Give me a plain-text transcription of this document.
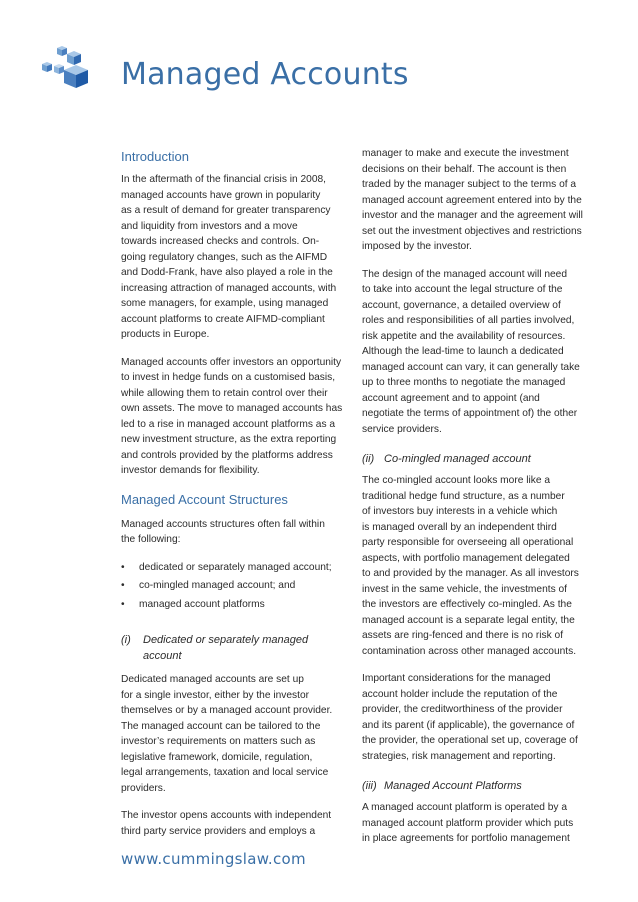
Managed Accounts
Introduction
In the aftermath of the financial crisis in 2008,
managed accounts have grown in popularity
as a result of demand for greater transparency
and liquidity from investors and a move
towards increased checks and controls. On-
going regulatory changes, such as the AIFMD
and Dodd-Frank, have also played a role in the
increasing attraction of managed accounts, with
some managers, for example, using managed
account platforms to create AIFMD-compliant
products in Europe.
Managed accounts offer investors an opportunity
to invest in hedge funds on a customised basis,
while allowing them to retain control over their
own assets. The move to managed accounts has
led to a rise in managed account platforms as a
new investment structure, as the extra reporting
and controls provided by the platforms address
investor demands for flexibility.
Managed Account Structures
Managed accounts structures often fall within
the following:
•	dedicated or separately managed account;
•	co-mingled managed account; and
•	managed account platforms
(i) Dedicated or separately managed
account
Dedicated managed accounts are set up
for a single investor, either by the investor
themselves or by a managed account provider.
The managed account can be tailored to the
investor’s requirements on matters such as
legislative framework, domicile, regulation,
legal arrangements, taxation and local service
providers.
The investor opens accounts with independent
third party service providers and employs a
manager to make and execute the investment
decisions on their behalf. The account is then
traded by the manager subject to the terms of a
managed account agreement entered into by the
investor and the manager and the agreement will
set out the investment objectives and restrictions
imposed by the investor.
The design of the managed account will need
to take into account the legal structure of the
account, governance, a detailed overview of
roles and responsibilities of all parties involved,
risk appetite and the availability of resources.
Although the lead-time to launch a dedicated
managed account can vary, it can generally take
up to three months to negotiate the managed
account agreement and to appoint (and
negotiate the terms of appointment of) the other
service providers.
(ii) Co-mingled managed account
The co-mingled account looks more like a
traditional hedge fund structure, as a number
of investors buy interests in a vehicle which
is managed overall by an independent third
party responsible for overseeing all operational
aspects, with portfolio management delegated
to and provided by the manager. As all investors
invest in the same vehicle, the investments of
the investors are effectively co-mingled. As the
managed account is a separate legal entity, the
assets are ring-fenced and there is no risk of
contamination across other managed accounts.
Important considerations for the managed
account holder include the reputation of the
provider, the creditworthiness of the provider
and its parent (if applicable), the governance of
the provider, the operational set up, coverage of
strategies, risk management and reporting.
(iii) Managed Account Platforms
A managed account platform is operated by a
managed account platform provider which puts
in place agreements for portfolio management
www.cummingslaw.com
